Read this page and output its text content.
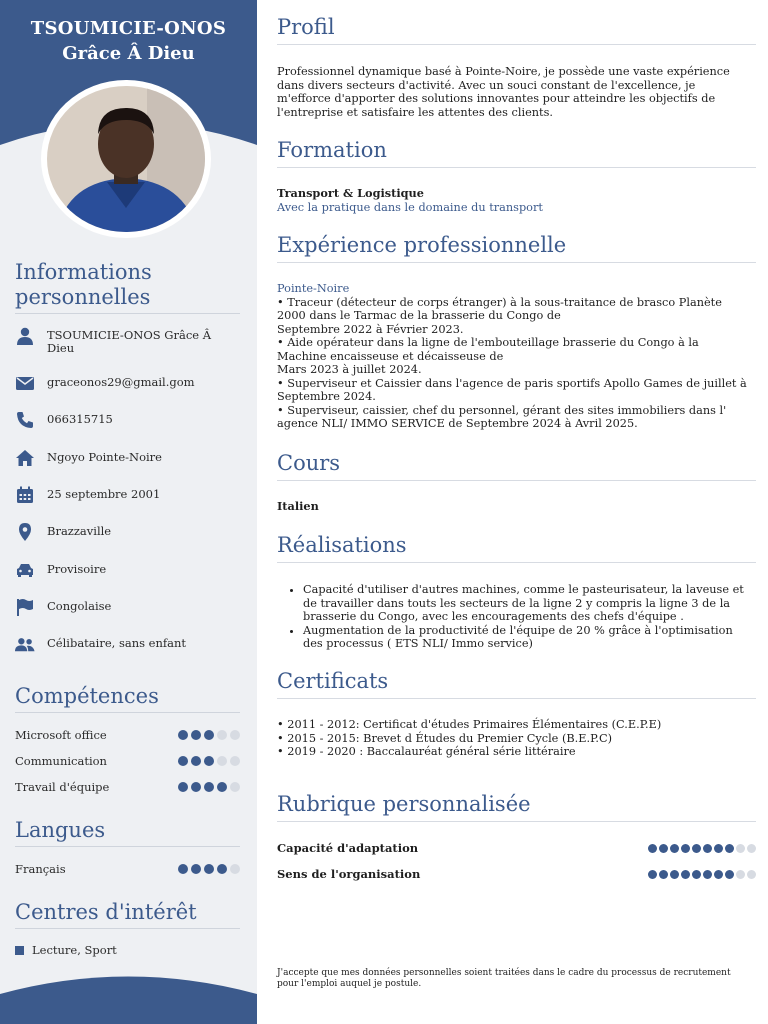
TSOUMICIE-ONOS
Grâce Â Dieu
Informations
personnelles
TSOUMICIE-ONOS Grâce Â
Dieu
graceonos29@gmail.gom
066315715
Ngoyo Pointe-Noire
25 septembre 2001
Brazzaville
Provisoire
Congolaise
Célibataire, sans enfant
Compétences
Microsoft office
Communication
Travail d'équipe
Langues
Français
Centres d'intérêt
Lecture, Sport
Profil
Professionnel dynamique basé à Pointe-Noire, je possède une vaste expérience
dans divers secteurs d'activité. Avec un souci constant de l'excellence, je
m'efforce d'apporter des solutions innovantes pour atteindre les objectifs de
l'entreprise et satisfaire les attentes des clients.
Formation
Transport & Logistique
Avec la pratique dans le domaine du transport
Expérience professionnelle
Pointe-Noire
• Traceur (détecteur de corps étranger) à la sous-traitance de brasco Planète
2000 dans le Tarmac de la brasserie du Congo de
Septembre 2022 à Février 2023.
• Aide opérateur dans la ligne de l'embouteillage brasserie du Congo à la
Machine encaisseuse et décaisseuse de
Mars 2023 à juillet 2024.
• Superviseur et Caissier dans l'agence de paris sportifs Apollo Games de juillet à
Septembre 2024.
• Superviseur, caissier, chef du personnel, gérant des sites immobiliers dans l'
agence NLI/ IMMO SERVICE de Septembre 2024 à Avril 2025.
Cours
Italien
Réalisations
• Capacité d'utiliser d'autres machines, comme le pasteurisateur, la laveuse et de travailler dans touts les secteurs de la ligne 2 y compris la ligne 3 de la brasserie du Congo, avec les encouragements des chefs d'équipe .
• Augmentation de la productivité de l'équipe de 20 % grâce à l'optimisation des processus ( ETS NLI/ Immo service)
Certificats
• 2011 - 2012: Certificat d'études Primaires Élémentaires (C.E.P.E)
• 2015 - 2015: Brevet d Études du Premier Cycle (B.E.P.C)
• 2019 - 2020 : Baccalauréat général série littéraire
Rubrique personnalisée
Capacité d'adaptation
Sens de l'organisation
J'accepte que mes données personnelles soient traitées dans le cadre du processus de recrutement
pour l'emploi auquel je postule.
